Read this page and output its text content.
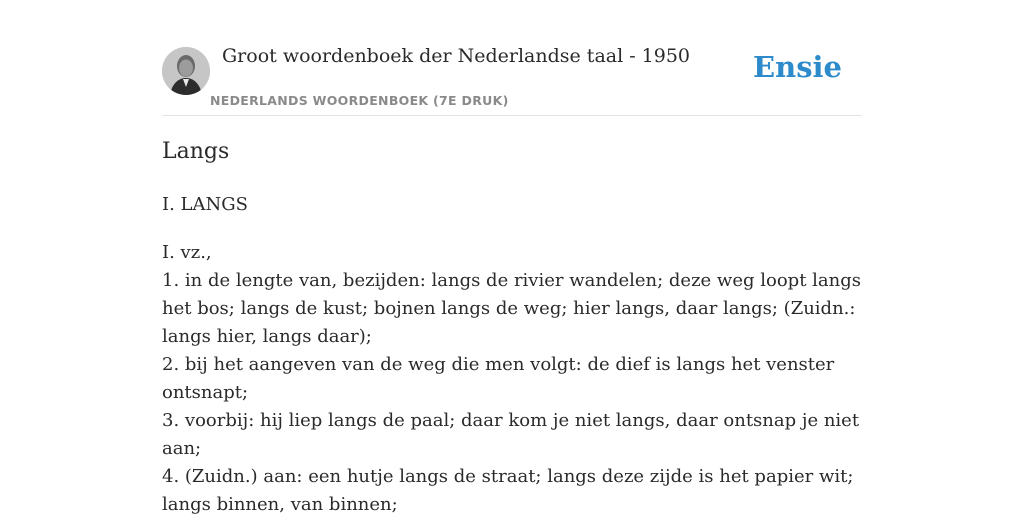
Groot woordenboek der Nederlandse taal - 1950
NEDERLANDS WOORDENBOEK (7E DRUK)
Ensie
Langs
I. LANGS
I. vz.,
1. in de lengte van, bezijden: langs de rivier wandelen; deze weg loopt langs het bos; langs de kust; bojnen langs de weg; hier langs, daar langs; (Zuidn.: langs hier, langs daar);
2. bij het aangeven van de weg die men volgt: de dief is langs het venster ontsnapt;
3. voorbij: hij liep langs de paal; daar kom je niet langs, daar ontsnap je niet aan;
4. (Zuidn.) aan: een hutje langs de straat; langs deze zijde is het papier wit; langs binnen, van binnen;
